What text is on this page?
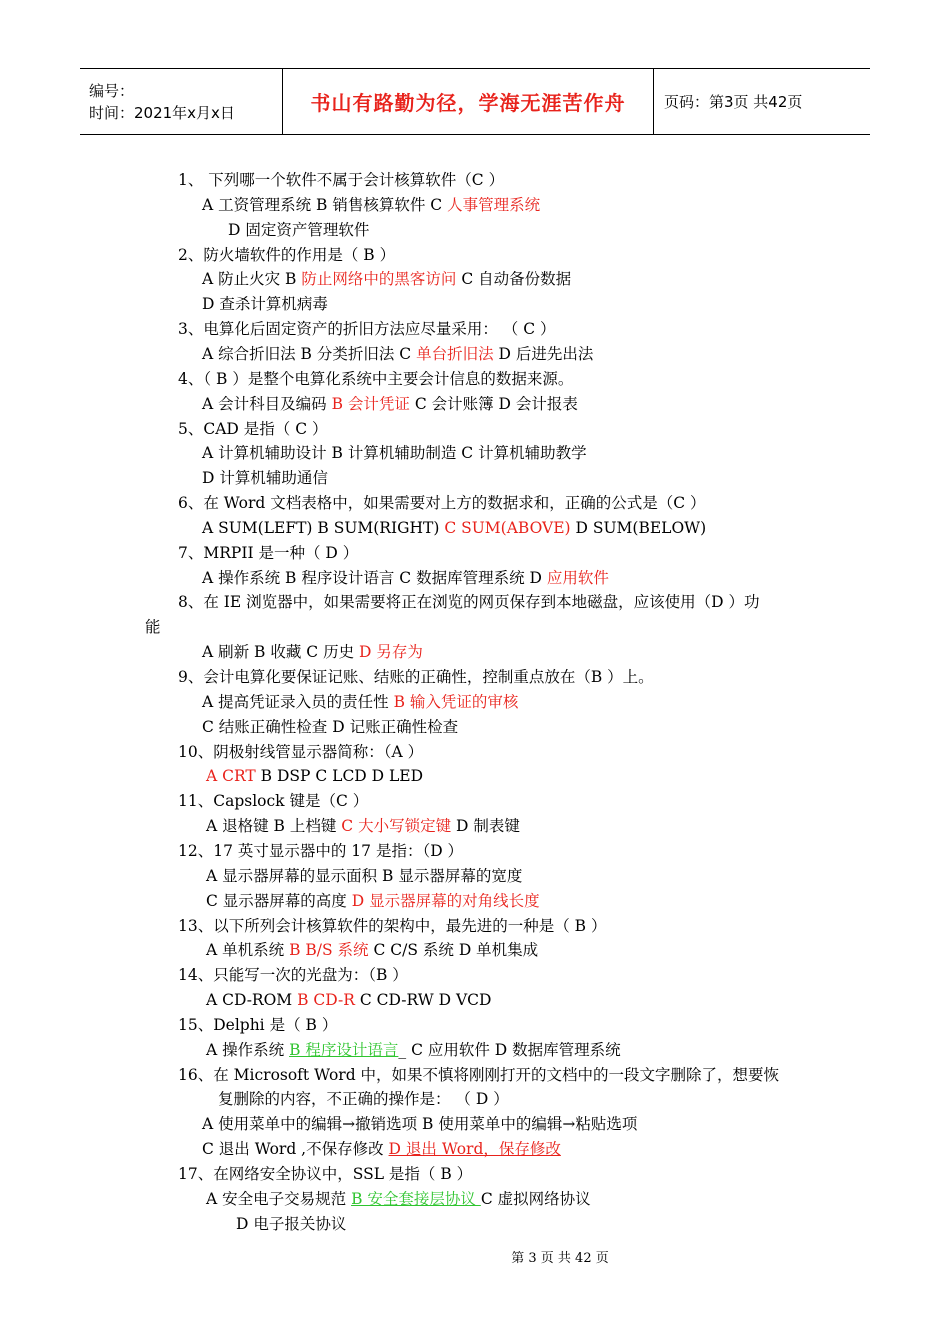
编号：
时间：2021年x月x日	书山有路勤为径，学海无涯苦作舟	页码：第3页 共42页
1、 下列哪一个软件不属于会计核算软件（C ）
A 工资管理系统 B 销售核算软件 C 人事管理系统
D 固定资产管理软件
2、防火墙软件的作用是（ B ）
A 防止火灾 B 防止网络中的黑客访问 C 自动备份数据
D 查杀计算机病毒
3、电算化后固定资产的折旧方法应尽量采用： （ C ）
A 综合折旧法 B 分类折旧法 C 单台折旧法 D 后进先出法
4、（ B ）是整个电算化系统中主要会计信息的数据来源。
A 会计科目及编码 B 会计凭证 C 会计账簿 D 会计报表
5、CAD 是指（ C ）
A 计算机辅助设计 B 计算机辅助制造 C 计算机辅助教学
D 计算机辅助通信
6、在 Word 文档表格中，如果需要对上方的数据求和，正确的公式是（C ）
A SUM(LEFT) B SUM(RIGHT) C SUM(ABOVE) D SUM(BELOW)
7、MRPII 是一种（ D ）
A 操作系统 B 程序设计语言 C 数据库管理系统 D 应用软件
8、在 IE 浏览器中，如果需要将正在浏览的网页保存到本地磁盘，应该使用（D ）功
能
A 刷新 B 收藏 C 历史 D 另存为
9、会计电算化要保证记账、结账的正确性，控制重点放在（B ）上。
A 提高凭证录入员的责任性 B 输入凭证的审核
C 结账正确性检查 D 记账正确性检查
10、阴极射线管显示器简称：（A ）
A CRT B DSP C LCD D LED
11、Capslock 键是（C ）
A 退格键 B 上档键 C 大小写锁定键 D 制表键
12、17 英寸显示器中的 17 是指：（D ）
A 显示器屏幕的显示面积 B 显示器屏幕的宽度
C 显示器屏幕的高度 D 显示器屏幕的对角线长度
13、以下所列会计核算软件的架构中，最先进的一种是（ B ）
A 单机系统 B B/S 系统 C C/S 系统 D 单机集成
14、只能写一次的光盘为：（B ）
A CD-ROM B CD-R C CD-RW D VCD
15、Delphi 是（ B ）
A 操作系统 B 程序设计语言_ C 应用软件 D 数据库管理系统
16、在 Microsoft Word 中，如果不慎将刚刚打开的文档中的一段文字删除了，想要恢
复删除的内容，不正确的操作是： （ D ）
A 使用菜单中的编辑→撤销选项 B 使用菜单中的编辑→粘贴选项
C 退出 Word ,不保存修改 D 退出 Word，保存修改
17、在网络安全协议中，SSL 是指（ B ）
A 安全电子交易规范 B 安全套接层协议 C 虚拟网络协议
D 电子报关协议
第 3 页 共 42 页
